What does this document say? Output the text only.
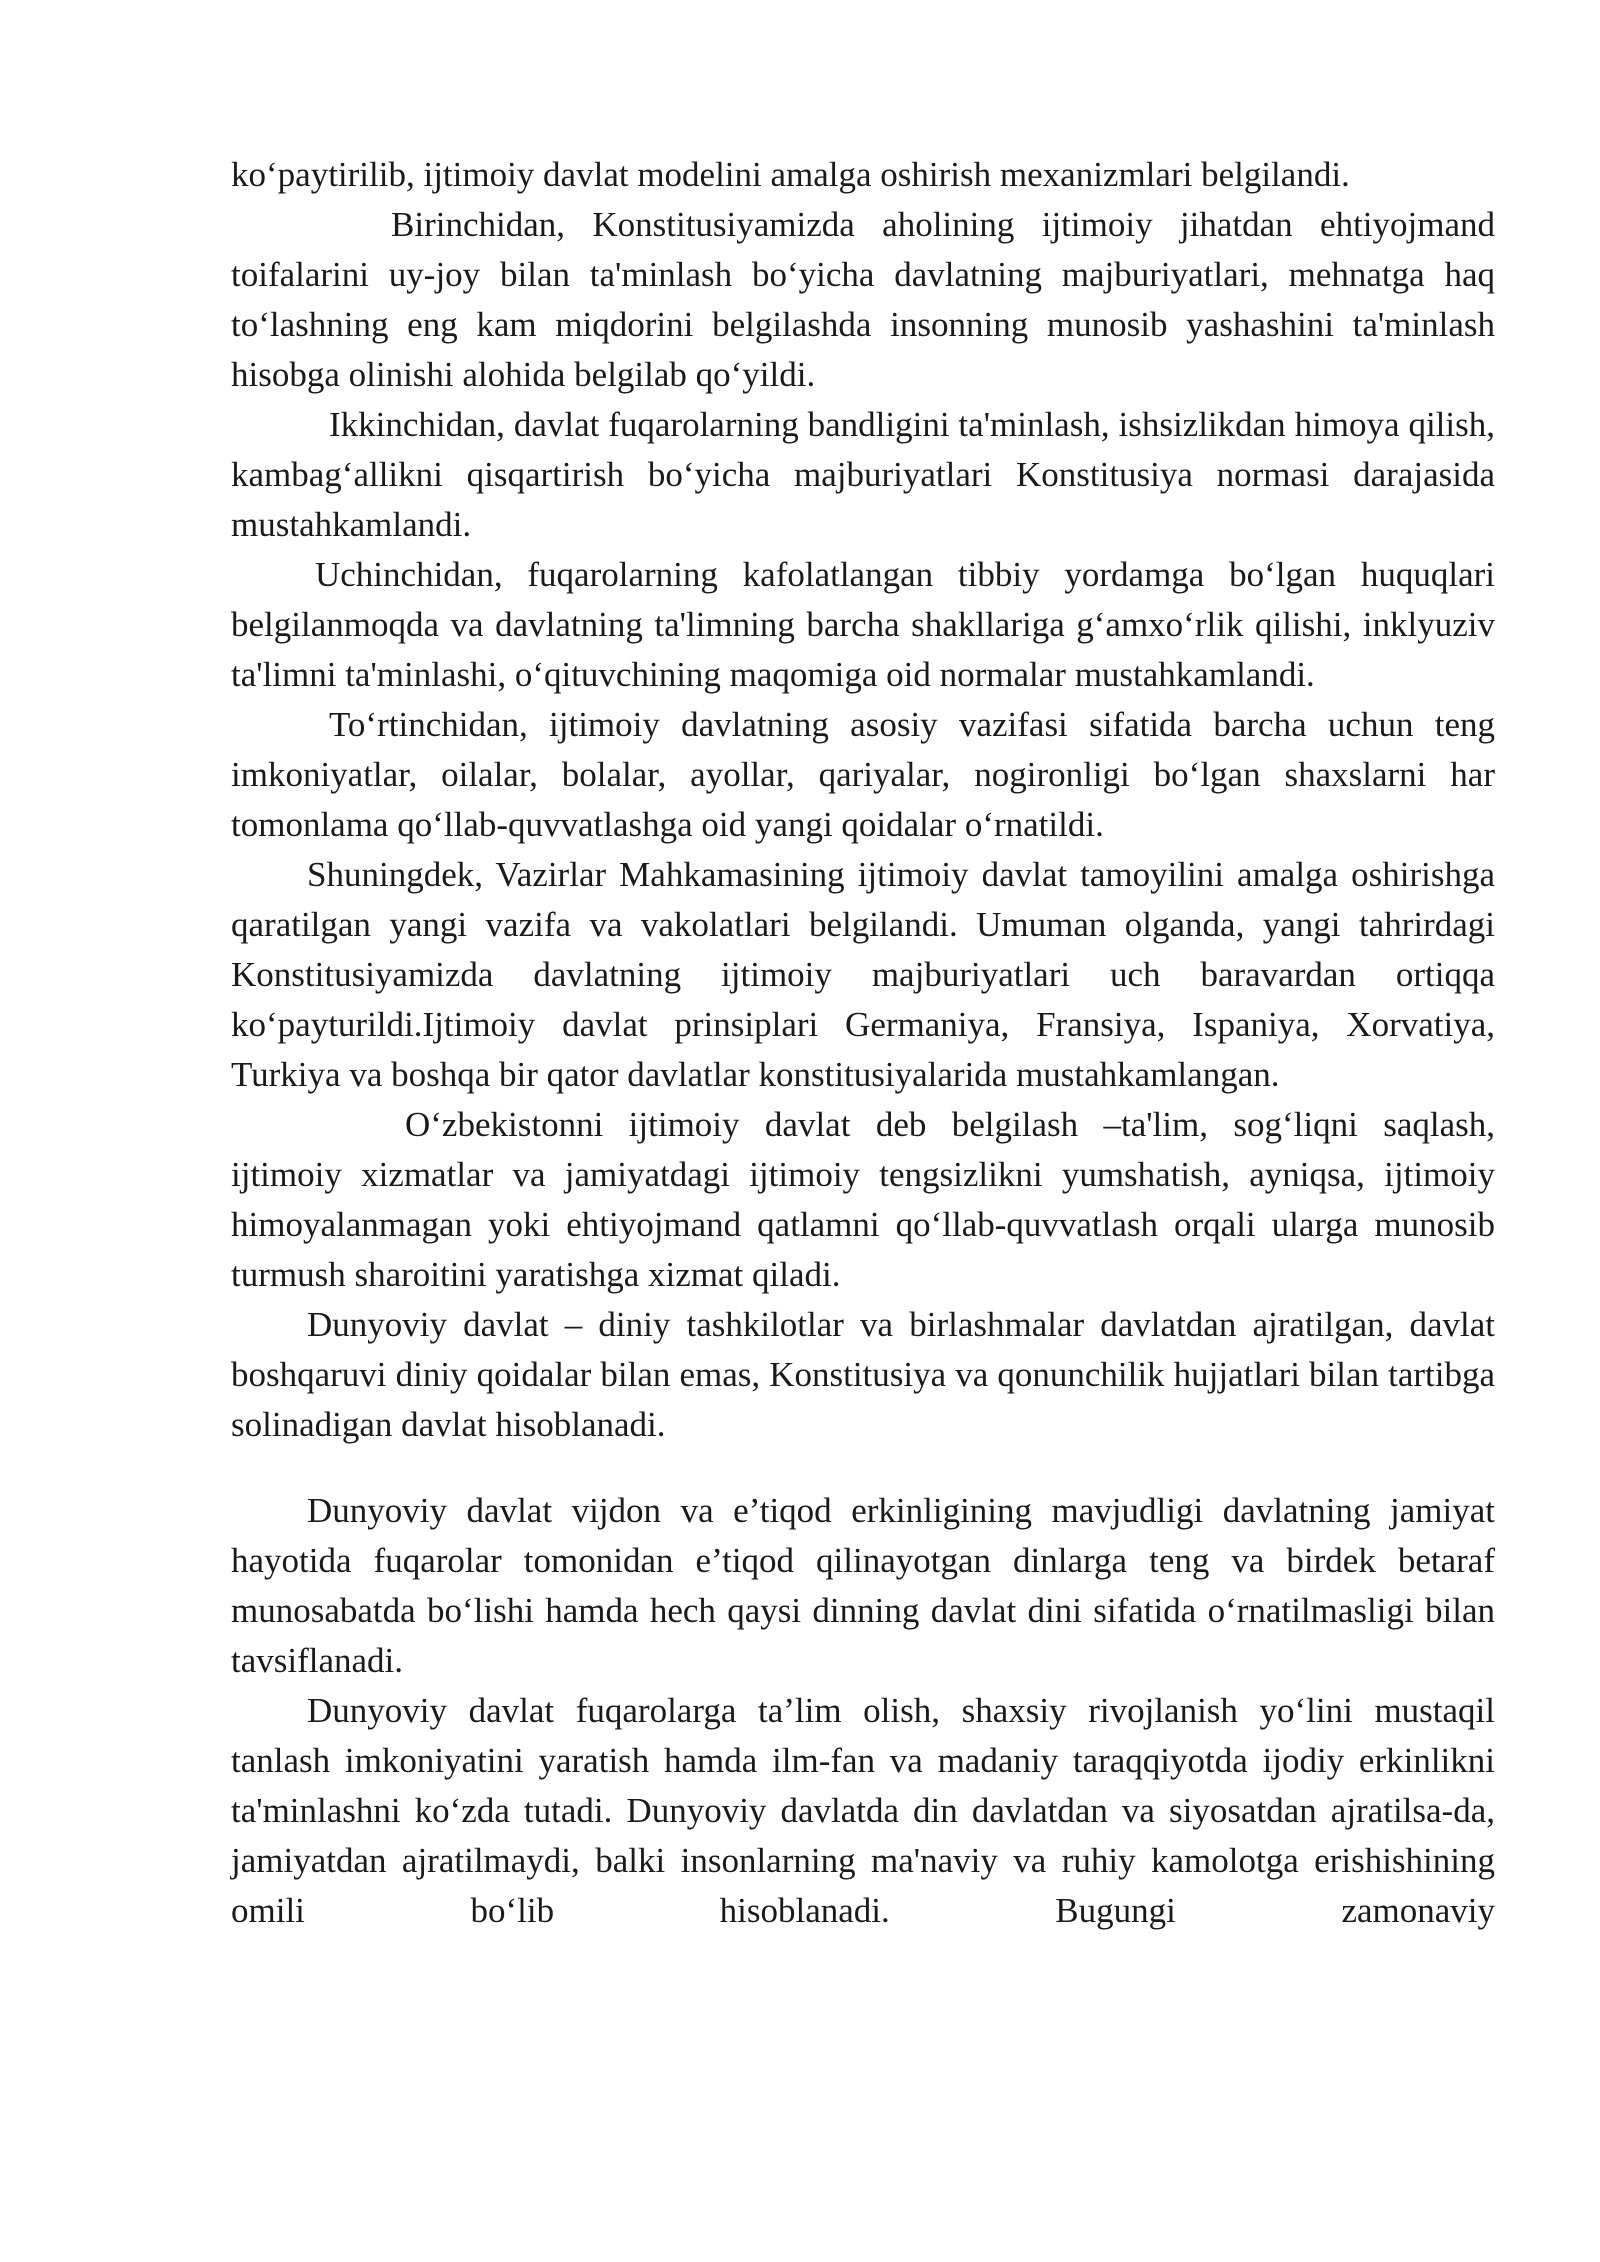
ko‘paytirilib, ijtimoiy davlat modelini amalga oshirish mexanizmlari belgilandi.

Birinchidan, Konstitusiyamizda aholining ijtimoiy jihatdan ehtiyojmand toifalarini uy-joy bilan ta'minlash bo‘yicha davlatning majburiyatlari, mehnatga haq to‘lashning eng kam miqdorini belgilashda insonning munosib yashashini ta'minlash hisobga olinishi alohida belgilab qo‘yildi.

Ikkinchidan, davlat fuqarolarning bandligini ta'minlash, ishsizlikdan himoya qilish, kambag‘allikni qisqartirish bo‘yicha majburiyatlari Konstitusiya normasi darajasida mustahkamlandi.

Uchinchidan, fuqarolarning kafolatlangan tibbiy yordamga bo‘lgan huquqlari belgilanmoqda va davlatning ta'limning barcha shakllariga g‘amxo‘rlik qilishi, inklyuziv ta'limni ta'minlashi, o‘qituvchining maqomiga oid normalar mustahkamlandi.

To‘rtinchidan, ijtimoiy davlatning asosiy vazifasi sifatida barcha uchun teng imkoniyatlar, oilalar, bolalar, ayollar, qariyalar, nogironligi bo‘lgan shaxslarni har tomonlama qo‘llab-quvvatlashga oid yangi qoidalar o‘rnatildi.

Shuningdek, Vazirlar Mahkamasining ijtimoiy davlat tamoyilini amalga oshirishga qaratilgan yangi vazifa va vakolatlari belgilandi. Umuman olganda, yangi tahrirdagi Konstitusiyamizda davlatning ijtimoiy majburiyatlari uch baravardan ortiqqa ko‘payturildi.Ijtimoiy davlat prinsiplari Germaniya, Fransiya, Ispaniya, Xorvatiya, Turkiya va boshqa bir qator davlatlar konstitusiyalarida mustahkamlangan.

O‘zbekistonni ijtimoiy davlat deb belgilash –ta'lim, sog‘liqni saqlash, ijtimoiy xizmatlar va jamiyatdagi ijtimoiy tengsizlikni yumshatish, ayniqsa, ijtimoiy himoyalanmagan yoki ehtiyojmand qatlamni qo‘llab-quvvatlash orqali ularga munosib turmush sharoitini yaratishga xizmat qiladi.

Dunyoviy davlat – diniy tashkilotlar va birlashmalar davlatdan ajratilgan, davlat boshqaruvi diniy qoidalar bilan emas, Konstitusiya va qonunchilik hujjatlari bilan tartibga solinadigan davlat hisoblanadi.

Dunyoviy davlat vijdon va e’tiqod erkinligining mavjudligi davlatning jamiyat hayotida fuqarolar tomonidan e’tiqod qilinayotgan dinlarga teng va birdek betaraf munosabatda bo‘lishi hamda hech qaysi dinning davlat dini sifatida o‘rnatilmasligi bilan tavsiflanadi.

Dunyoviy davlat fuqarolarga ta’lim olish, shaxsiy rivojlanish yo‘lini mustaqil tanlash imkoniyatini yaratish hamda ilm-fan va madaniy taraqqiyotda ijodiy erkinlikni ta'minlashni ko‘zda tutadi. Dunyoviy davlatda din davlatdan va siyosatdan ajratilsa-da, jamiyatdan ajratilmaydi, balki insonlarning ma'naviy va ruhiy kamolotga erishishining omili bo‘lib hisoblanadi. Bugungi zamonaviy
